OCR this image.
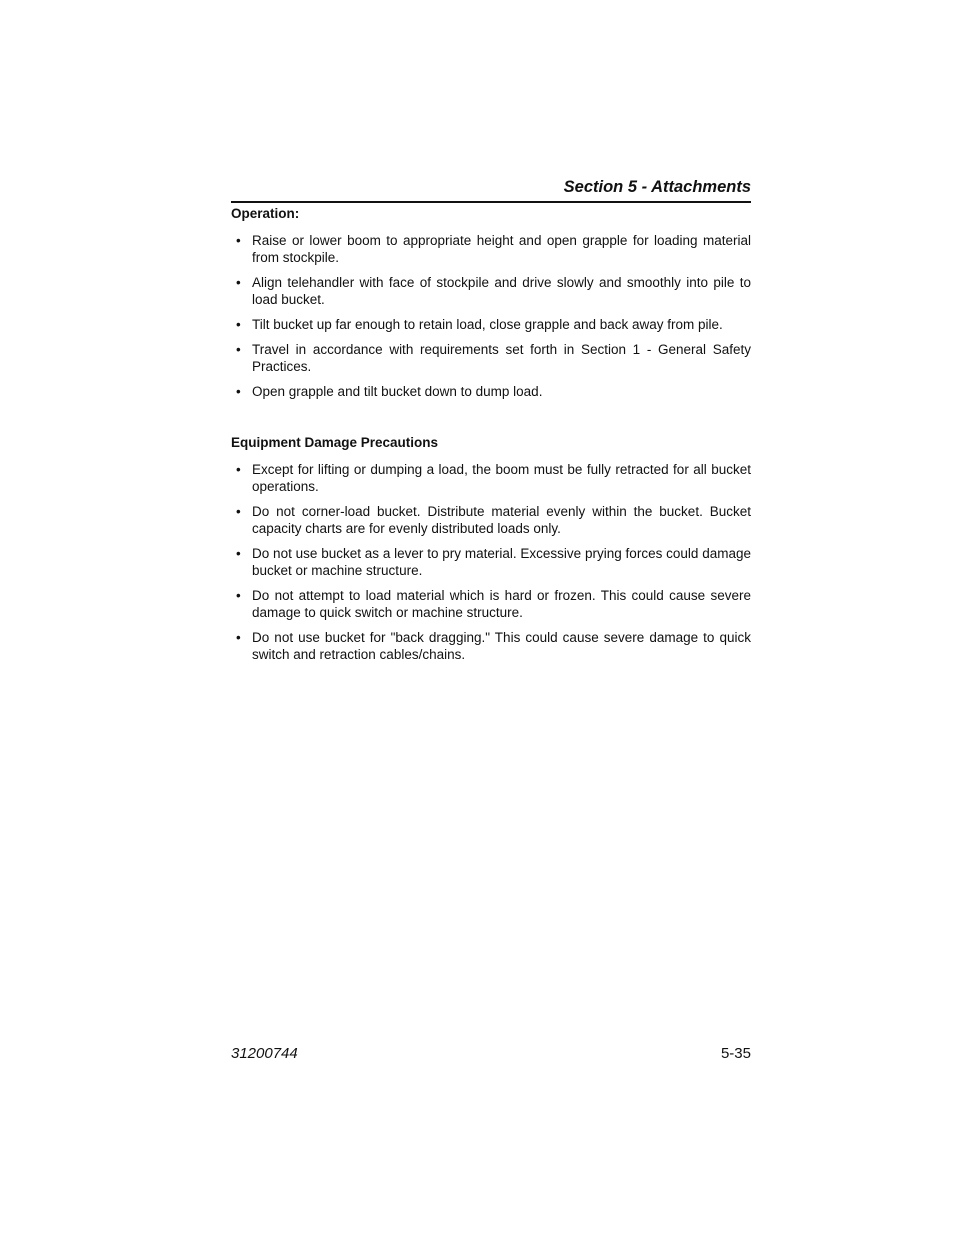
Section 5 - Attachments
Operation:
• Raise or lower boom to appropriate height and open grapple for loading material from stockpile.
• Align telehandler with face of stockpile and drive slowly and smoothly into pile to load bucket.
• Tilt bucket up far enough to retain load, close grapple and back away from pile.
• Travel in accordance with requirements set forth in Section 1 - General Safety Practices.
• Open grapple and tilt bucket down to dump load.
Equipment Damage Precautions
• Except for lifting or dumping a load, the boom must be fully retracted for all bucket operations.
• Do not corner-load bucket. Distribute material evenly within the bucket. Bucket capacity charts are for evenly distributed loads only.
• Do not use bucket as a lever to pry material. Excessive prying forces could damage bucket or machine structure.
• Do not attempt to load material which is hard or frozen. This could cause severe damage to quick switch or machine structure.
• Do not use bucket for "back dragging." This could cause severe damage to quick switch and retraction cables/chains.
31200744	5-35
